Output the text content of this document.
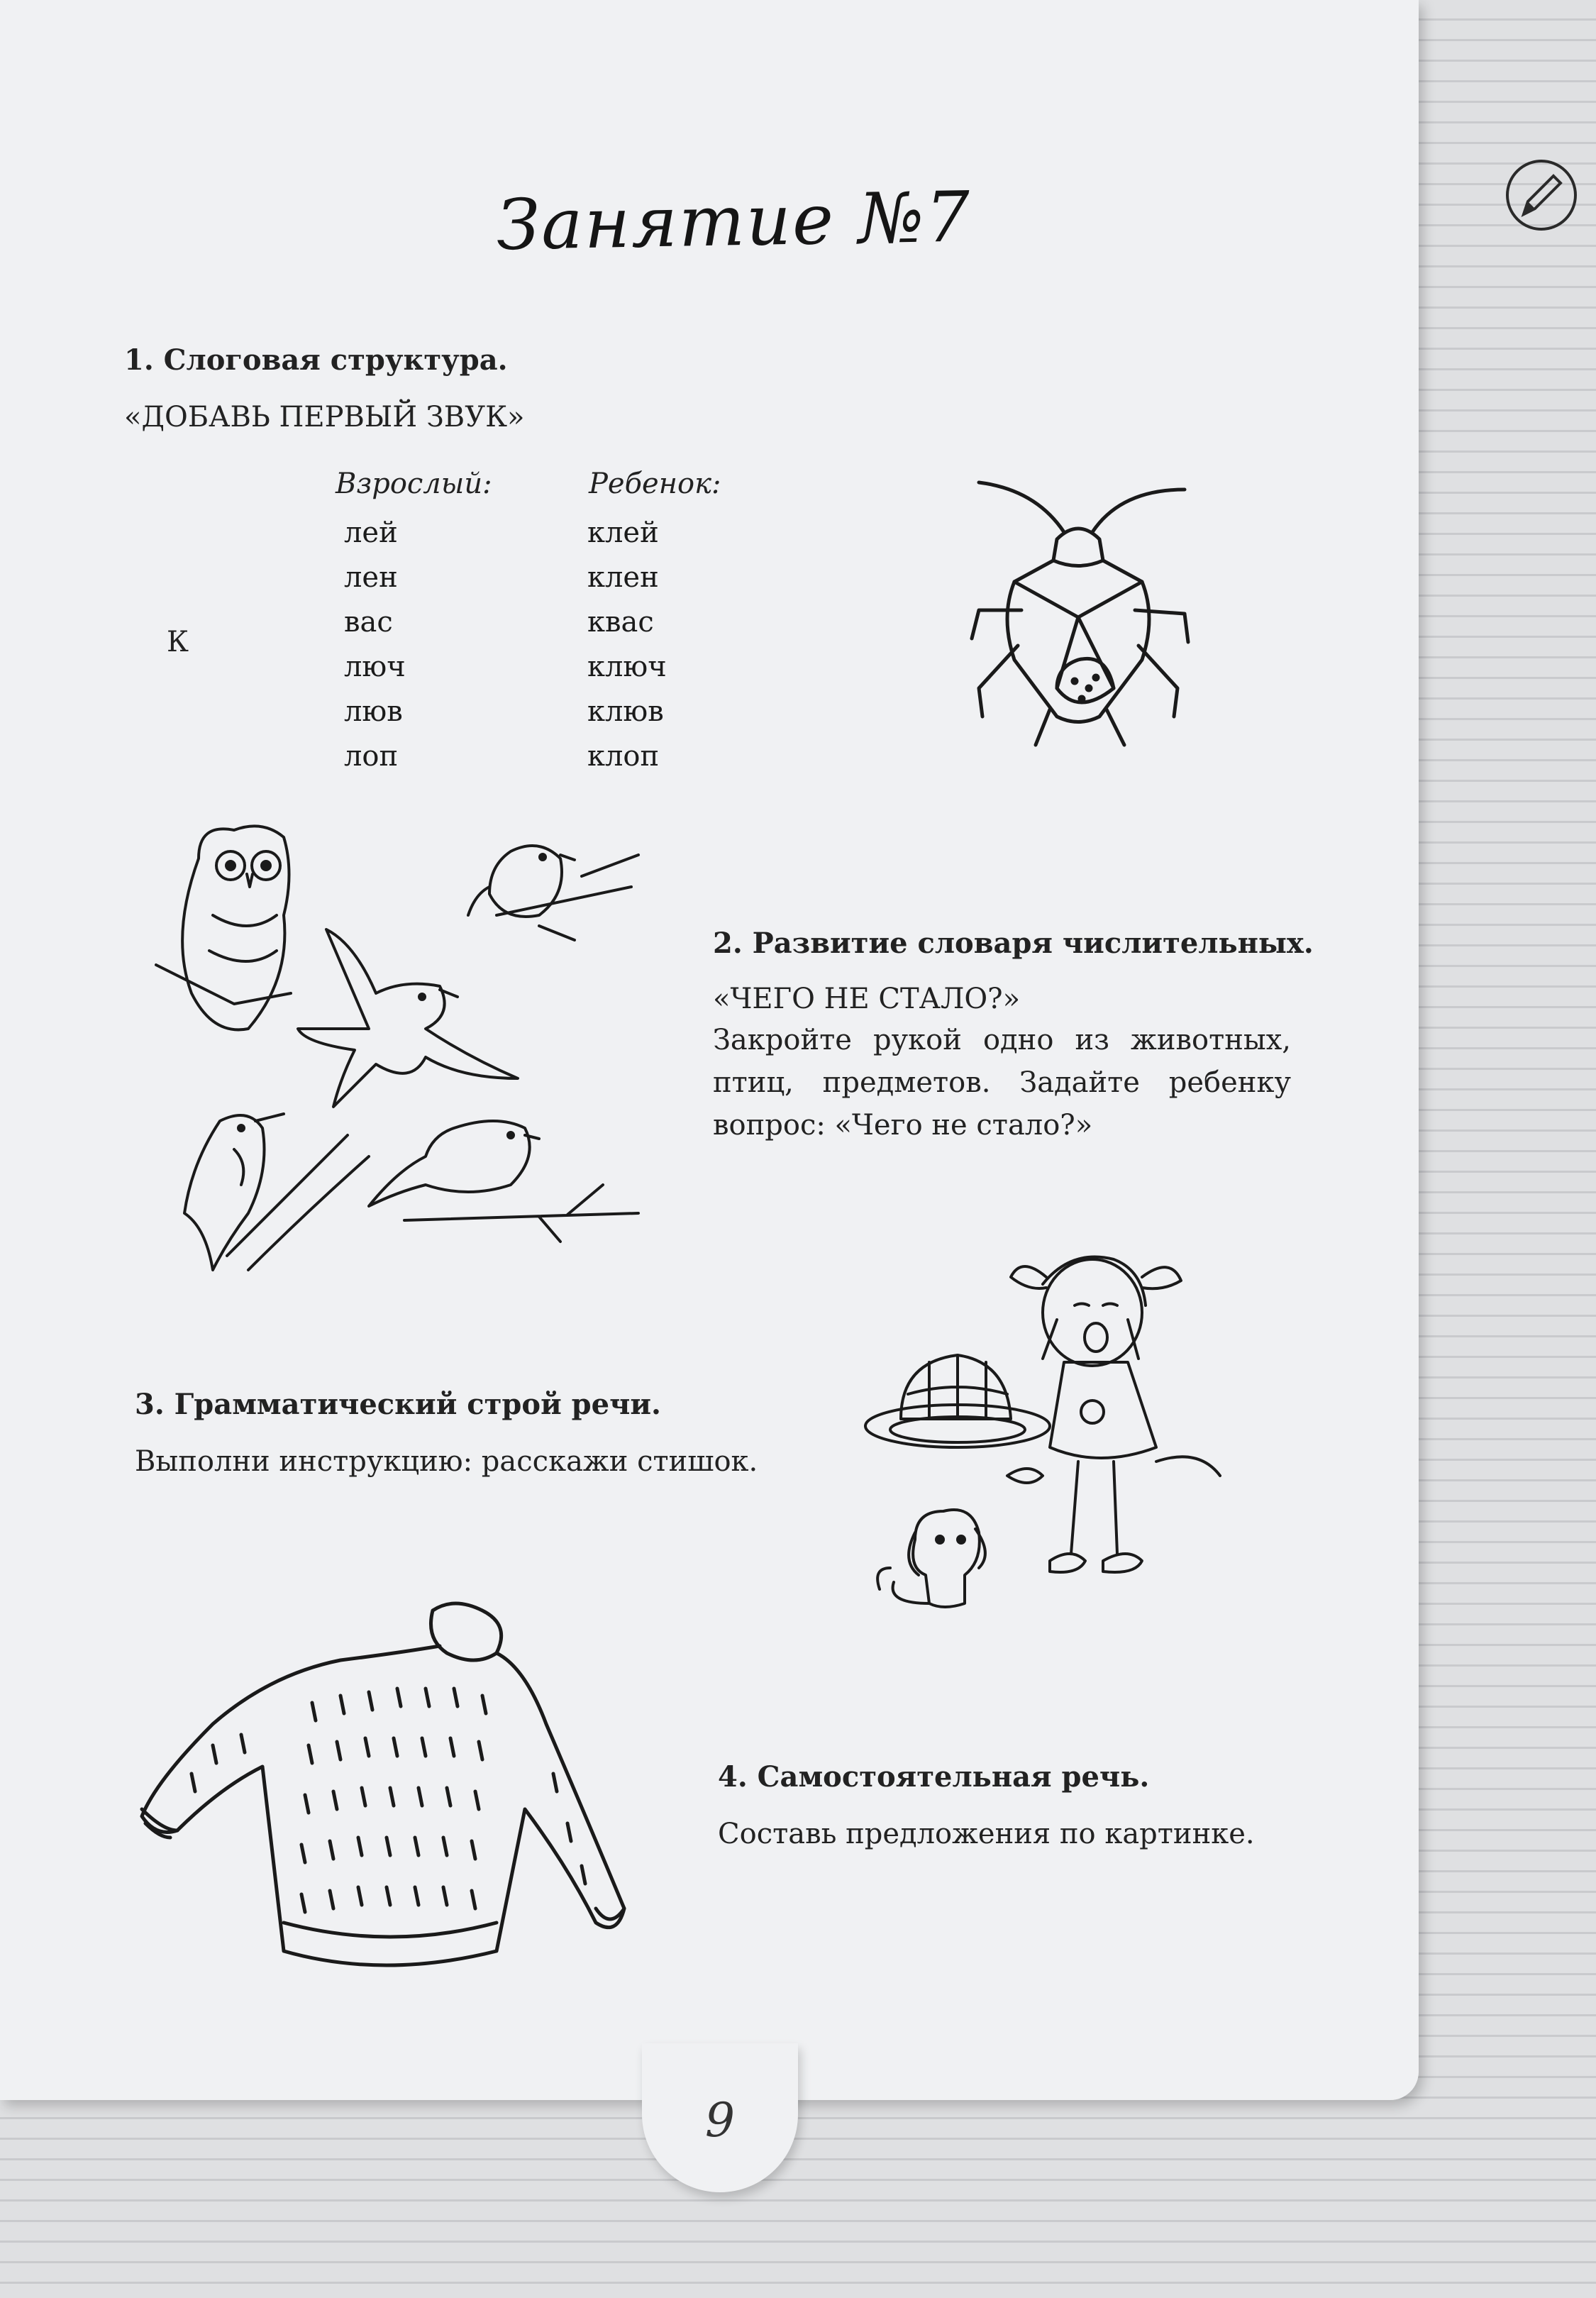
9
Занятие №7
1. Слоговая структура.
«ДОБАВЬ ПЕРВЫЙ ЗВУК»
Взрослый:	Ребенок:
К
лей
лен
вас
люч
люв
лоп
клей
клен
квас
ключ
клюв
клоп
2. Развитие словаря числительных.
«ЧЕГО НЕ СТАЛО?»
Закройте рукой одно из животных, птиц, предметов. Задайте ребенку вопрос: «Чего не стало?»
3. Грамматический строй речи.
Выполни инструкцию: расскажи стишок.
4. Самостоятельная речь.
Составь предложения по картинке.
